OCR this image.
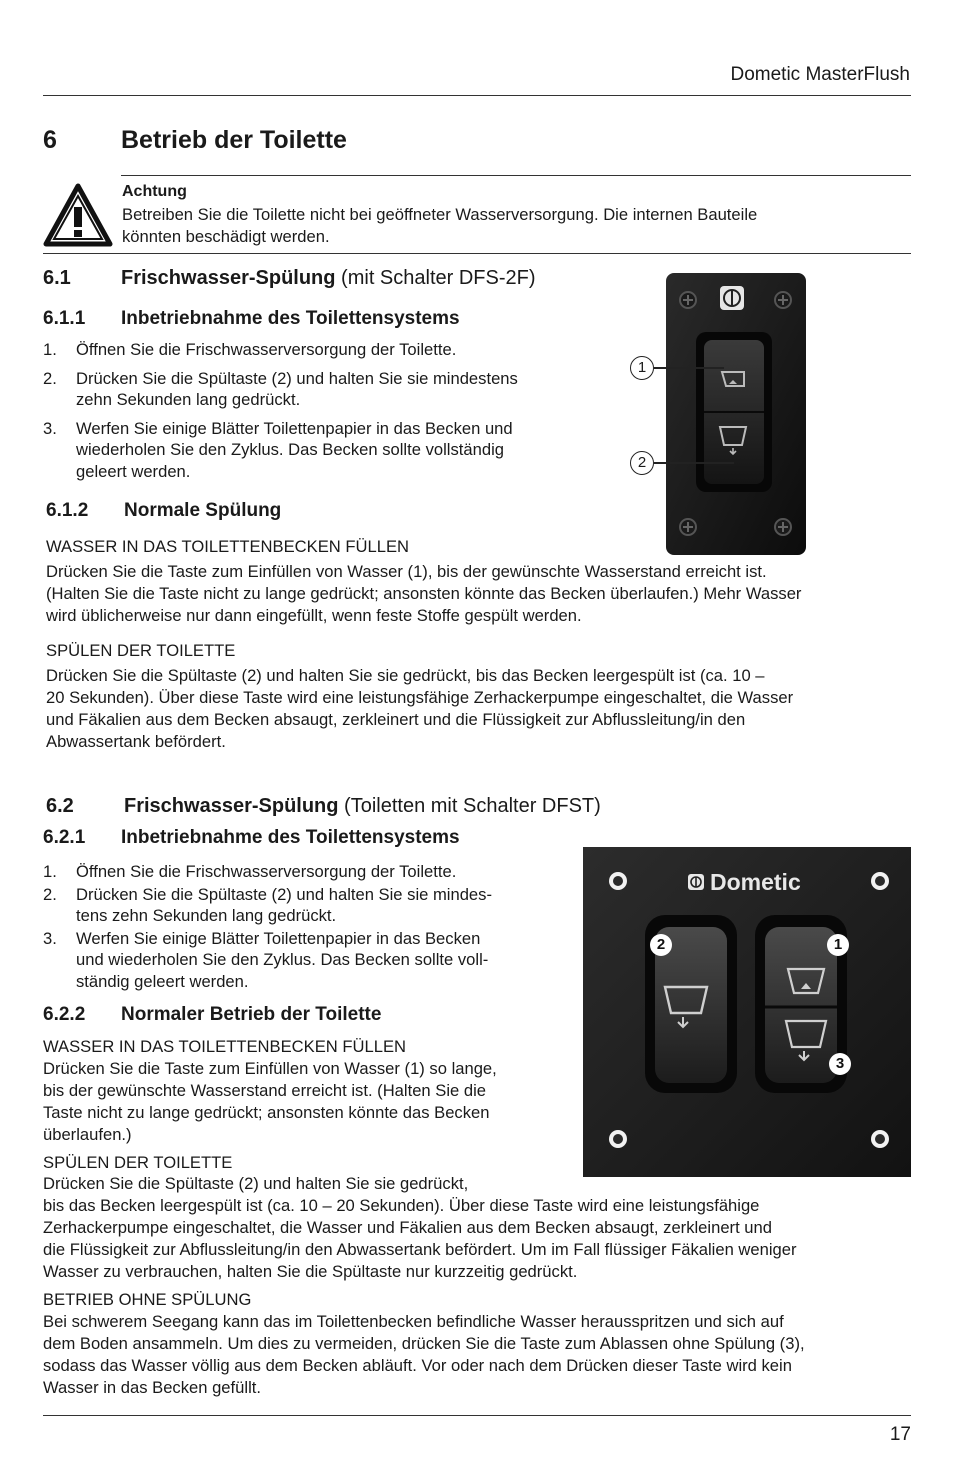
Dometic MasterFlush
6	Betrieb der Toilette
Achtung
Betreiben Sie die Toilette nicht bei geöffneter Wasserversorgung. Die internen Bauteile
könnten beschädigt werden.
6.1	Frischwasser-Spülung (mit Schalter DFS-2F)
6.1.1 Inbetriebnahme des Toilettensystems
1. Öffnen Sie die Frischwasserversorgung der Toilette.
2. Drücken Sie die Spültaste (2) und halten Sie sie mindestens
zehn Sekunden lang gedrückt.
3. Werfen Sie einige Blätter Toilettenpapier in das Becken und
wiederholen Sie den Zyklus. Das Becken sollte vollständig
geleert werden.
1
2
6.1.2 Normale Spülung
WASSER IN DAS TOILETTENBECKEN FÜLLEN
Drücken Sie die Taste zum Einfüllen von Wasser (1), bis der gewünschte Wasserstand erreicht ist.
(Halten Sie die Taste nicht zu lange gedrückt; ansonsten könnte das Becken überlaufen.) Mehr Wasser
wird üblicherweise nur dann eingefüllt, wenn feste Stoffe gespült werden.
SPÜLEN DER TOILETTE
Drücken Sie die Spültaste (2) und halten Sie sie gedrückt, bis das Becken leergespült ist (ca. 10 –
20 Sekunden). Über diese Taste wird eine leistungsfähige Zerhackerpumpe eingeschaltet, die Wasser
und Fäkalien aus dem Becken absaugt, zerkleinert und die Flüssigkeit zur Abflussleitung/in den
Abwassertank befördert.
6.2	Frischwasser-Spülung (Toiletten mit Schalter DFST)
6.2.1 Inbetriebnahme des Toilettensystems
1. Öffnen Sie die Frischwasserversorgung der Toilette.
2. Drücken Sie die Spültaste (2) und halten Sie sie mindes-
tens zehn Sekunden lang gedrückt.
3. Werfen Sie einige Blätter Toilettenpapier in das Becken
und wiederholen Sie den Zyklus. Das Becken sollte voll-
ständig geleert werden.
6.2.2 Normaler Betrieb der Toilette
WASSER IN DAS TOILETTENBECKEN FÜLLEN
Drücken Sie die Taste zum Einfüllen von Wasser (1) so lange,
bis der gewünschte Wasserstand erreicht ist. (Halten Sie die
Taste nicht zu lange gedrückt; ansonsten könnte das Becken
überlaufen.)
SPÜLEN DER TOILETTE
Drücken Sie die Spültaste (2) und halten Sie sie gedrückt,
bis das Becken leergespült ist (ca. 10 – 20 Sekunden). Über diese Taste wird eine leistungsfähige
Zerhackerpumpe eingeschaltet, die Wasser und Fäkalien aus dem Becken absaugt, zerkleinert und
die Flüssigkeit zur Abflussleitung/in den Abwassertank befördert. Um im Fall flüssiger Fäkalien weniger
Wasser zu verbrauchen, halten Sie die Spültaste nur kurzzeitig gedrückt.
BETRIEB OHNE SPÜLUNG
Bei schwerem Seegang kann das im Toilettenbecken befindliche Wasser herausspritzen und sich auf
dem Boden ansammeln. Um dies zu vermeiden, drücken Sie die Taste zum Ablassen ohne Spülung (3),
sodass das Wasser völlig aus dem Becken abläuft. Vor oder nach dem Drücken dieser Taste wird kein
Wasser in das Becken gefüllt.
Dometic
2	1
3
17
